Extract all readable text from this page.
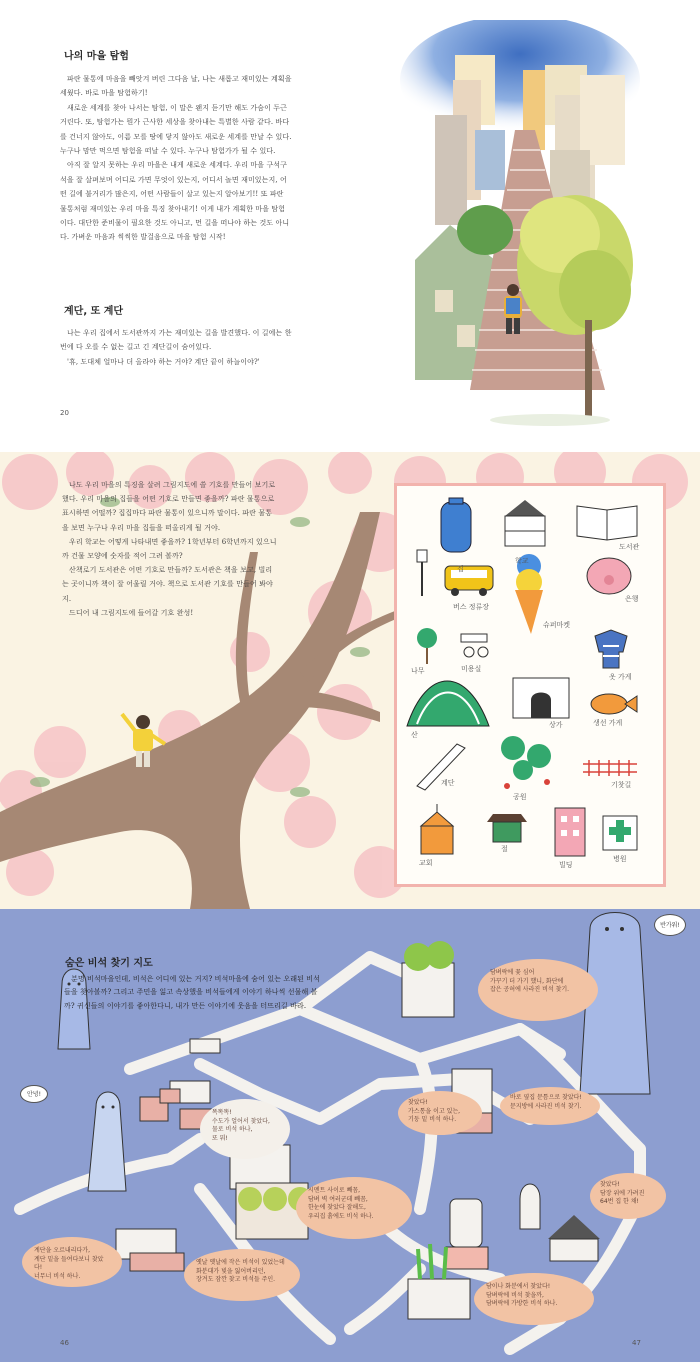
나의 마을 탐험

파란 물통에 마음을 빼앗겨 버린 그다음 날, 나는 새롭고 재미있는 계획을 세웠다. 바로 마을 탐험하기!

새로운 세계를 찾아 나서는 탐험, 이 말은 왠지 듣기만 해도 가슴이 두근거린다. 또, 탐험가는 뭔가 근사한 세상을 찾아내는 특별한 사람 같다. 바다를 건너지 않아도, 이름 모를 땅에 닿지 않아도 새로운 세계를 만날 수 있다. 누구나 맘만 먹으면 탐험을 떠날 수 있다. 누구나 탐험가가 될 수 있다.

아직 잘 알지 못하는 우리 마을은 내게 새로운 세계다. 우리 마을 구석구석을 잘 살펴보며 어디로 가면 무엇이 있는지, 어디서 놀면 재미있는지, 어떤 길에 불거리가 많은지, 어떤 사람들이 살고 있는지 알아보기!! 또 파란 물통처럼 재미있는 우리 마을 특징 찾아내기! 이게 내가 계획한 마을 탐험이다. 대단한 준비물이 필요한 것도 아니고, 먼 길을 떠나야 하는 것도 아니다. 가벼운 마음과 씩씩한 발걸음으로 마을 탐험 시작!

계단, 또 계단

나는 우리 집에서 도서관까지 가는 재미있는 길을 발견했다. 이 길에는 한 번에 다 오를 수 없는 길고 긴 계단길이 숨어있다.

'휴, 도대체 얼마나 더 올라야 하는 거야? 계단 끝이 하늘이야?'

20

나도 우리 마을의 특징을 살려 그림지도에 쓸 기호를 만들어 보기로 했다. 우리 마을의 집들을 어떤 기호로 만들면 좋을까? 파란 물통으로 표시하면 어떨까? 집집마다 파란 물통이 있으니까 말이다. 파란 물통을 보면 누구나 우리 마을 집들을 떠올리게 될 거야.

우리 학교는 어떻게 나타내면 좋을까? 1학년부터 6학년까지 있으니까 건물 모양에 숫자를 적어 그려 볼까?

산책로기 도서관은 어떤 기호로 만들까? 도서관은 책을 보고, 빌리는 곳이니까 책이 잘 어울릴 거야. 책으로 도서관 기호를 만들어 봐야지.

드디어 내 그림지도에 들어갈 기호 완성!

집
학교
도서관
버스 정류장
슈퍼마켓
은행
나무	미용실
옷 가게
산
상가	생선 가게
계단
공원
기찻길
교회
절
빌딩
병원
숨은 비석 찾기 지도

분명 비석마을인데, 비석은 어디에 있는 거지? 비석마을에 숨어 있는 오래된 비석들을 찾아볼까? 그리고 주민을 잃고 속상했을 비석들에게 이야기 하나씩 선물해 볼까? 귀신들의 이야기를 좋아한다니, 내가 만든 이야기에 웃음을 터뜨리길 바라.

안녕!
반가워!
담벼락에 꽃 심어
가꾸기 더 가기 했니, 화단에
잡은 공허에 사라진 비석 찾기.
바로 옆집 문틈으로 찾았다!
문지방에 사라진 비석 찾기.
똑똑똑!
수도가 얼어서 찾았다,
물로 비석 하나,
또 뭐!
시멘트 사이로 빼꼼,
담벼 벽 여러군데 빼꼼,
한눈에 찾았다 잘해도,
우리집 흙에도 비석 하나.
찾았다!
가스통을 이고 있는,
기둥 밑 비석 하나.
찾았다!
담장 위에 가려진
64번 집 한 채!
계단을 오르내리다가,
계단 밑을 들여다보니 찾았다!
너무너 비석 하나.
옛날 옛날에 작은 비석이 있었는데
화분대가 빛을 잃어버리던,
장겨도 잠깐 찾고 비석들 주인.
담이나 화분에서 찾았다!
담벼락에 비석 찾을까,
담벼락에 가방한 비석 하나.
46	47
